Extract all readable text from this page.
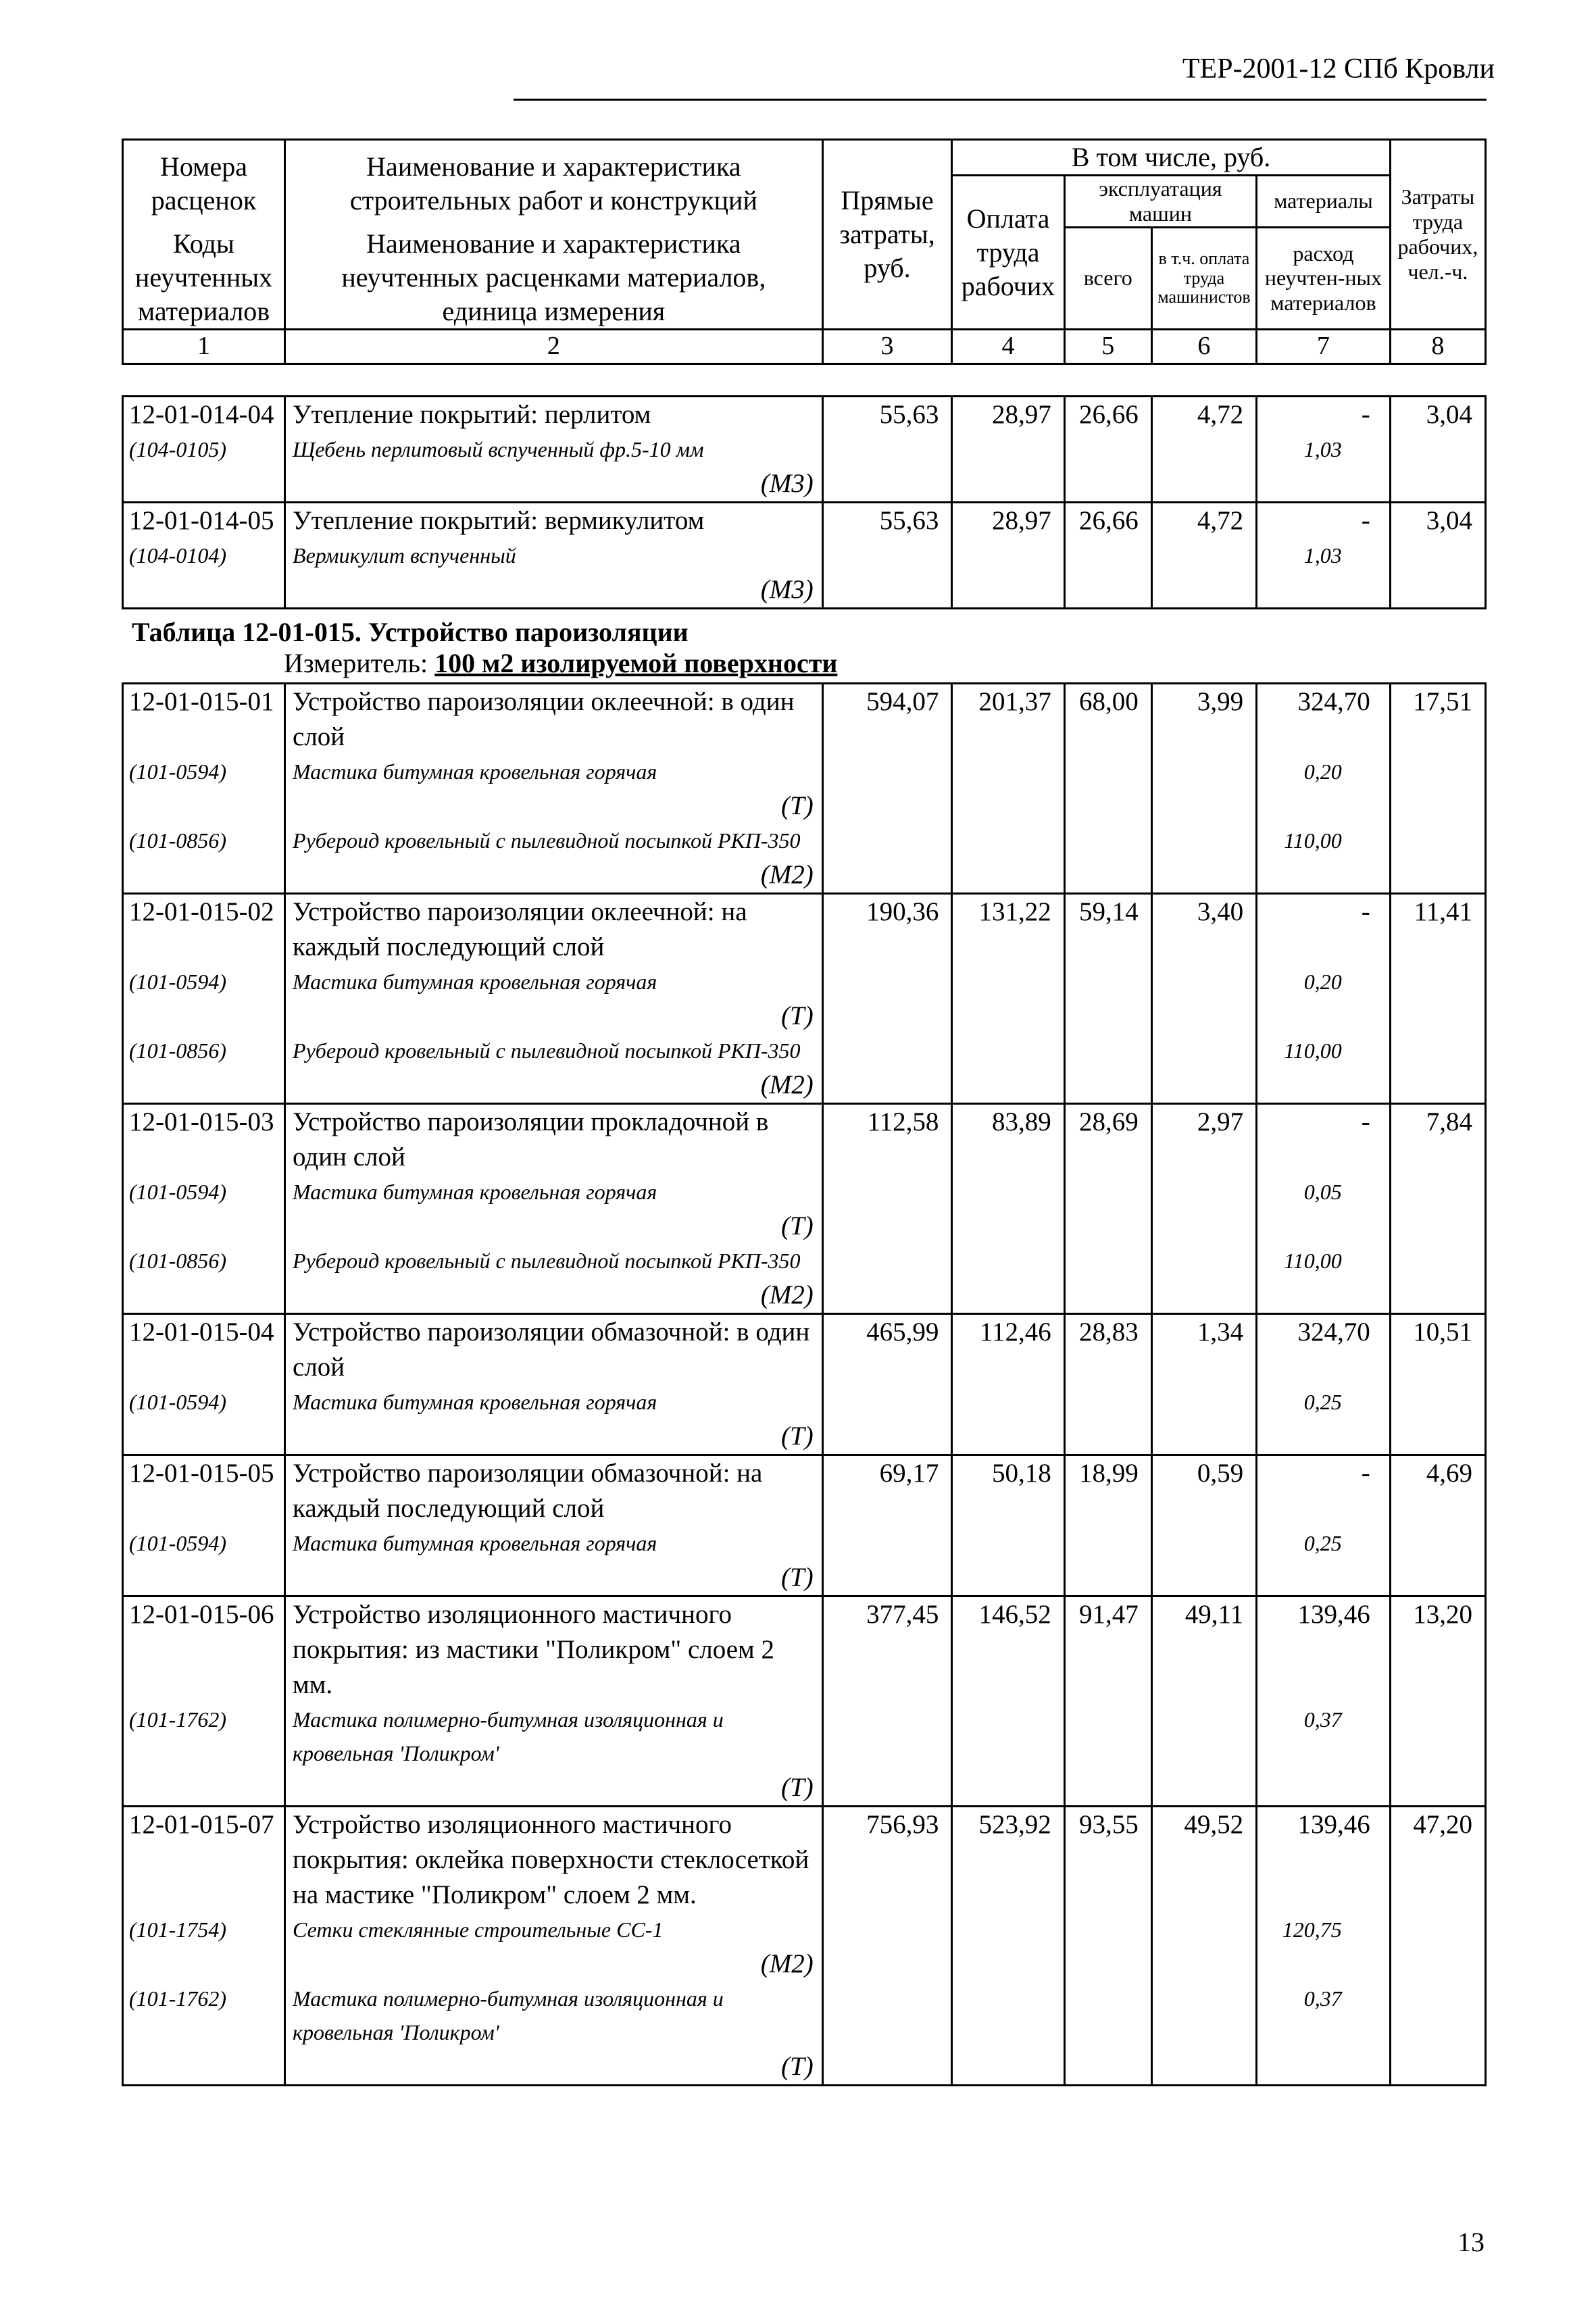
ТЕР-2001-12 СПб Кровли
Номера расценок	Наименование и характеристика строительных работ и конструкций	Прямые затраты, руб.	В том числе, руб.				Затраты труда рабочих, чел.-ч.
			Оплата труда рабочих	эксплуатация машин		материалы	
Коды неучтенных материалов	Наименование и характеристика неучтенных расценками материалов, единица измерения			всего	в т.ч. оплата труда машинистов	расход неучтен-ных материалов	

1	2	3	4	5	6	7	8
12-01-014-04	Утепление покрытий: перлитом	55,63	28,97	26,66	4,72	-	3,04
(104-0105)	Щебень перлитовый вспученный фр.5-10 мм					1,03	
	(М3)						
12-01-014-05	Утепление покрытий: вермикулитом	55,63	28,97	26,66	4,72	-	3,04
(104-0104)	Вермикулит вспученный					1,03	
	(М3)						
Таблица 12-01-015. Устройство пароизоляции
Измеритель: 100 м2 изолируемой поверхности
12-01-015-01	Устройство пароизоляции оклеечной: в один слой	594,07	201,37	68,00	3,99	324,70	17,51
(101-0594)	Мастика битумная кровельная горячая					0,20	
	(Т)						
(101-0856)	Рубероид кровельный с пылевидной посыпкой РКП-350					110,00	
	(М2)						
12-01-015-02	Устройство пароизоляции оклеечной: на каждый последующий слой	190,36	131,22	59,14	3,40	-	11,41
(101-0594)	Мастика битумная кровельная горячая					0,20	
	(Т)						
(101-0856)	Рубероид кровельный с пылевидной посыпкой РКП-350					110,00	
	(М2)						
12-01-015-03	Устройство пароизоляции прокладочной в один слой	112,58	83,89	28,69	2,97	-	7,84
(101-0594)	Мастика битумная кровельная горячая					0,05	
	(Т)						
(101-0856)	Рубероид кровельный с пылевидной посыпкой РКП-350					110,00	
	(М2)						
12-01-015-04	Устройство пароизоляции обмазочной: в один слой	465,99	112,46	28,83	1,34	324,70	10,51
(101-0594)	Мастика битумная кровельная горячая					0,25	
	(Т)						
12-01-015-05	Устройство пароизоляции обмазочной: на каждый последующий слой	69,17	50,18	18,99	0,59	-	4,69
(101-0594)	Мастика битумная кровельная горячая					0,25	
	(Т)						
12-01-015-06	Устройство изоляционного мастичного покрытия: из мастики "Поликром" слоем 2 мм.	377,45	146,52	91,47	49,11	139,46	13,20
(101-1762)	Мастика полимерно-битумная изоляционная и кровельная 'Поликром'					0,37	
	(Т)						
12-01-015-07	Устройство изоляционного мастичного покрытия: оклейка поверхности стеклосеткой на мастике "Поликром" слоем 2 мм.	756,93	523,92	93,55	49,52	139,46	47,20
(101-1754)	Сетки стеклянные строительные СС-1					120,75	
	(М2)						
(101-1762)	Мастика полимерно-битумная изоляционная и кровельная 'Поликром'					0,37	
	(Т)						
13
